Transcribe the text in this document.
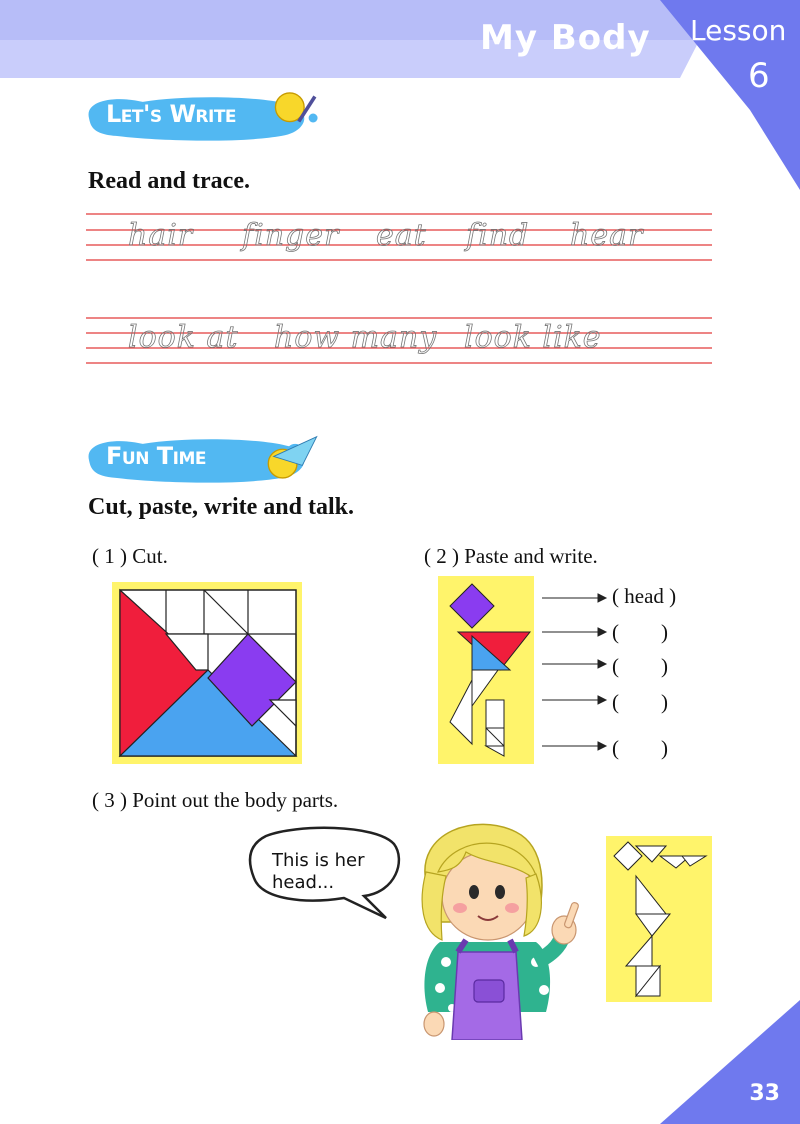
My Body Lesson
6
Let's Write
Read and trace.
hair finger eat find hear
look at how many look like
Fun Time
Cut, paste, write and talk.
( 1 ) Cut.	( 2 ) Paste and write.
( head )
(        )
(        )
(        )
(        )
( 3 ) Point out the body parts.
This is her head...
33
